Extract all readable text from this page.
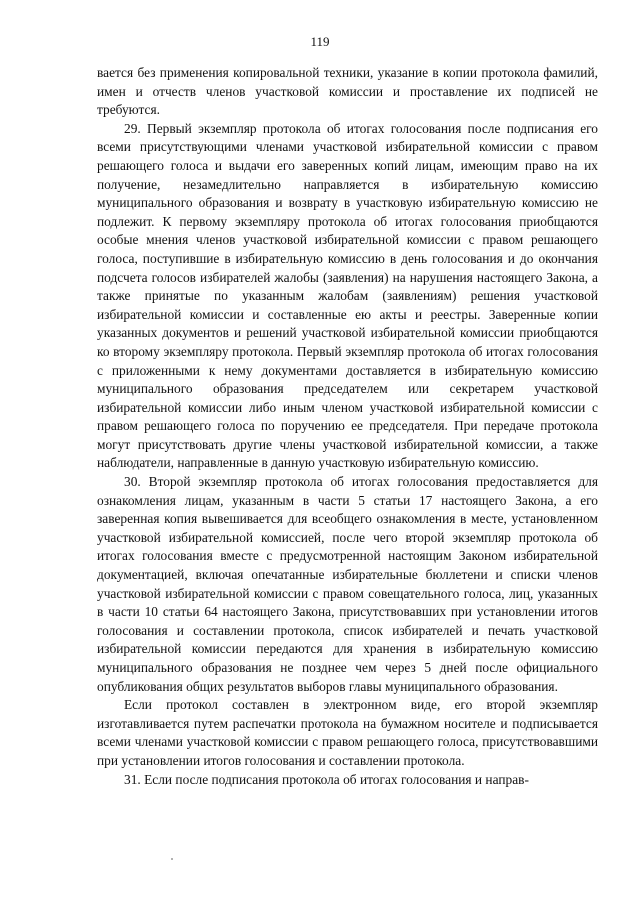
119

вается без применения копировальной техники, указание в копии протокола фамилий, имен и отчеств членов участковой комиссии и проставление их подписей не требуются.

29. Первый экземпляр протокола об итогах голосования после подписания его всеми присутствующими членами участковой избирательной комиссии с правом решающего голоса и выдачи его заверенных копий лицам, имеющим право на их получение, незамедлительно направляется в избирательную комиссию муниципального образования и возврату в участковую избирательную комиссию не подлежит. К первому экземпляру протокола об итогах голосования приобщаются особые мнения членов участковой избирательной комиссии с правом решающего голоса, поступившие в избирательную комиссию в день голосования и до окончания подсчета голосов избирателей жалобы (заявления) на нарушения настоящего Закона, а также принятые по указанным жалобам (заявлениям) решения участковой избирательной комиссии и составленные ею акты и реестры. Заверенные копии указанных документов и решений участковой избирательной комиссии приобщаются ко второму экземпляру протокола. Первый экземпляр протокола об итогах голосования с приложенными к нему документами доставляется в избирательную комиссию муниципального образования председателем или секретарем участковой избирательной комиссии либо иным членом участковой избирательной комиссии с правом решающего голоса по поручению ее председателя. При передаче протокола могут присутствовать другие члены участковой избирательной комиссии, а также наблюдатели, направленные в данную участковую избирательную комиссию.

30. Второй экземпляр протокола об итогах голосования предоставляется для ознакомления лицам, указанным в части 5 статьи 17 настоящего Закона, а его заверенная копия вывешивается для всеобщего ознакомления в месте, установленном участковой избирательной комиссией, после чего второй экземпляр протокола об итогах голосования вместе с предусмотренной настоящим Законом избирательной документацией, включая опечатанные избирательные бюллетени и списки членов участковой избирательной комиссии с правом совещательного голоса, лиц, указанных в части 10 статьи 64 настоящего Закона, присутствовавших при установлении итогов голосования и составлении протокола, список избирателей и печать участковой избирательной комиссии передаются для хранения в избирательную комиссию муниципального образования не позднее чем через 5 дней после официального опубликования общих результатов выборов главы муниципального образования.

Если протокол составлен в электронном виде, его второй экземпляр изготавливается путем распечатки протокола на бумажном носителе и подписывается всеми членами участковой комиссии с правом решающего голоса, присутствовавшими при установлении итогов голосования и составлении протокола.

31. Если после подписания протокола об итогах голосования и направ-
